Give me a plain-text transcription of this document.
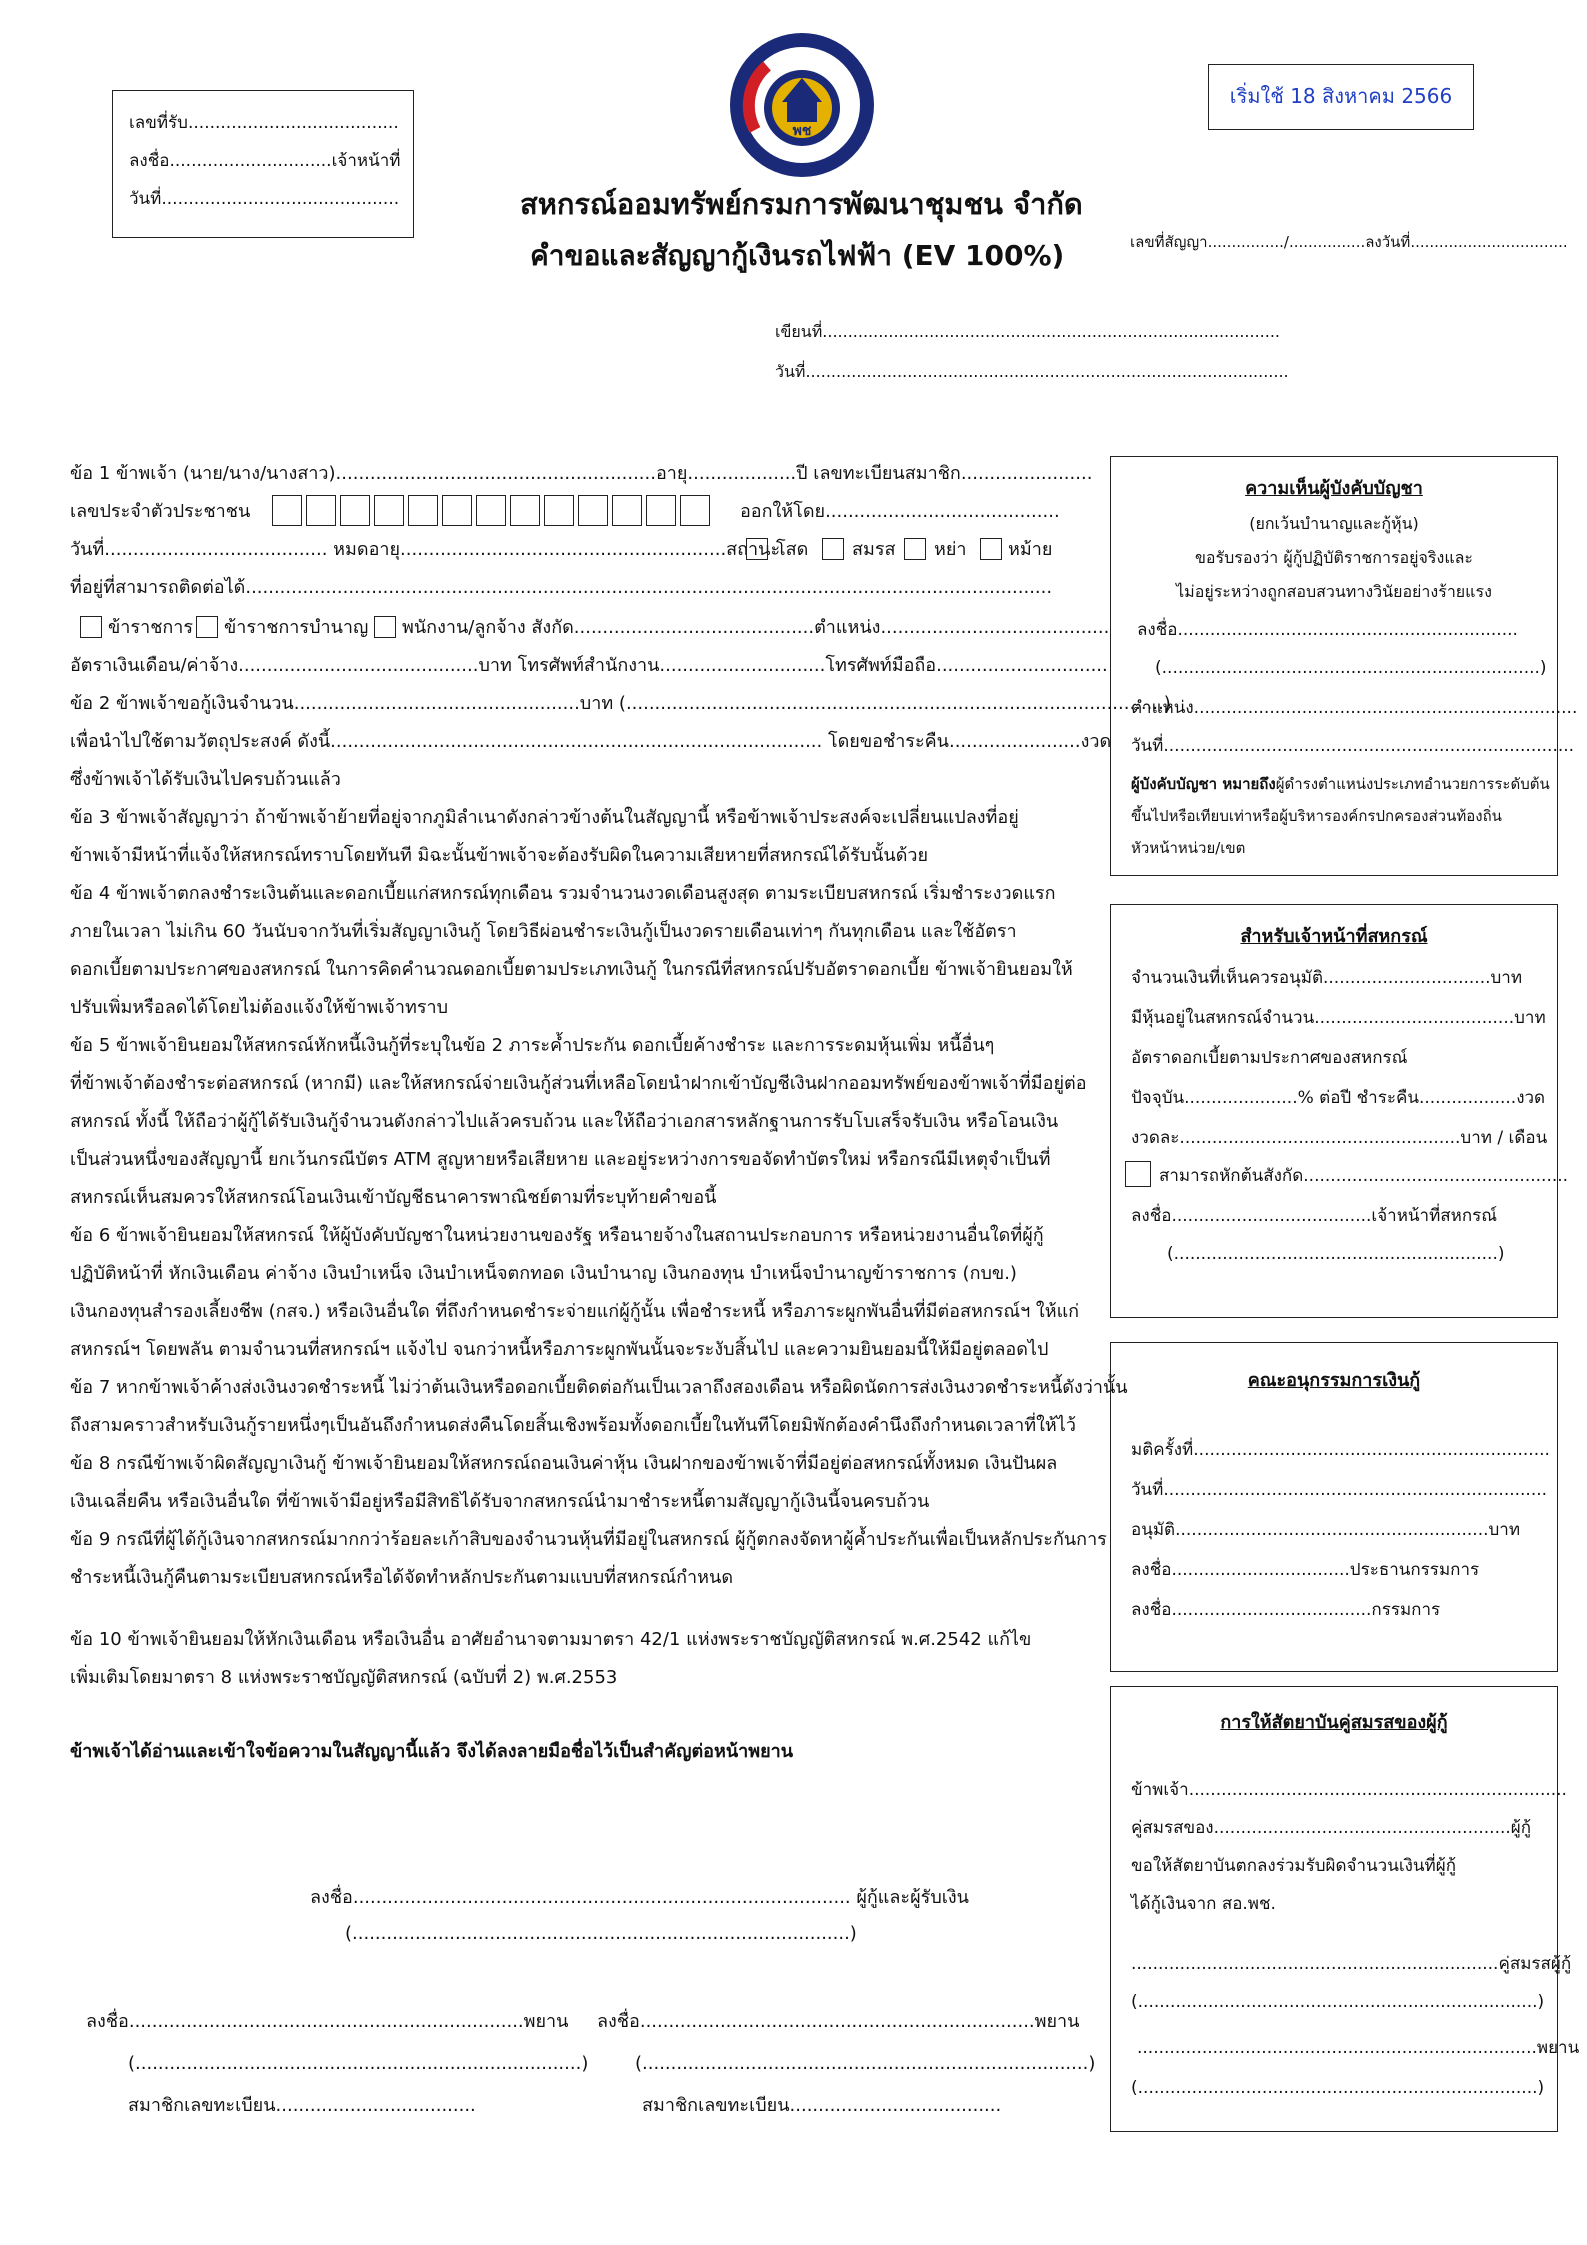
เลขที่รับ.......................................
ลงชื่อ..............................เจ้าหน้าที่
วันที่............................................
พช
เริ่มใช้ 18 สิงหาคม 2566
สหกรณ์ออมทรัพย์กรมการพัฒนาชุมชน จำกัด
คำขอและสัญญากู้เงินรถไฟฟ้า (EV 100%)	เลขที่สัญญา................/................ลงวันที่.................................
เขียนที่..........................................................................................
วันที่...............................................................................................
ข้อ 1 ข้าพเจ้า (นาย/นาง/นางสาว)........................................................อายุ...................ปี เลขทะเบียนสมาชิก.......................
เลขประจำตัวประชาชน	ออกให้โดย.........................................
วันที่....................................... หมดอายุ.........................................................สถานะ
โสด สมรส หย่า หม้าย
ที่อยู่ที่สามารถติดต่อได้.............................................................................................................................................
ข้าราชการ ข้าราชการบำนาญ พนักงาน/ลูกจ้าง สังกัด..........................................ตำแหน่ง........................................
อัตราเงินเดือน/ค่าจ้าง..........................................บาท โทรศัพท์สำนักงาน.............................โทรศัพท์มือถือ..............................
ข้อ 2 ข้าพเจ้าขอกู้เงินจำนวน..................................................บาท (..............................................................................................)
เพื่อนำไปใช้ตามวัตถุประสงค์ ดังนี้...................................................................................... โดยขอชำระคืน.......................งวด
ซึ่งข้าพเจ้าได้รับเงินไปครบถ้วนแล้ว
ข้อ 3 ข้าพเจ้าสัญญาว่า ถ้าข้าพเจ้าย้ายที่อยู่จากภูมิลำเนาดังกล่าวข้างต้นในสัญญานี้ หรือข้าพเจ้าประสงค์จะเปลี่ยนแปลงที่อยู่
ข้าพเจ้ามีหน้าที่แจ้งให้สหกรณ์ทราบโดยทันที มิฉะนั้นข้าพเจ้าจะต้องรับผิดในความเสียหายที่สหกรณ์ได้รับนั้นด้วย
ข้อ 4 ข้าพเจ้าตกลงชำระเงินต้นและดอกเบี้ยแก่สหกรณ์ทุกเดือน รวมจำนวนงวดเดือนสูงสุด ตามระเบียบสหกรณ์ เริ่มชำระงวดแรก
ภายในเวลา ไม่เกิน 60 วันนับจากวันที่เริ่มสัญญาเงินกู้ โดยวิธีผ่อนชำระเงินกู้เป็นงวดรายเดือนเท่าๆ กันทุกเดือน และใช้อัตรา
ดอกเบี้ยตามประกาศของสหกรณ์ ในการคิดคำนวณดอกเบี้ยตามประเภทเงินกู้ ในกรณีที่สหกรณ์ปรับอัตราดอกเบี้ย ข้าพเจ้ายินยอมให้
ปรับเพิ่มหรือลดได้โดยไม่ต้องแจ้งให้ข้าพเจ้าทราบ
ข้อ 5 ข้าพเจ้ายินยอมให้สหกรณ์หักหนี้เงินกู้ที่ระบุในข้อ 2 ภาระค้ำประกัน ดอกเบี้ยค้างชำระ และการระดมหุ้นเพิ่ม หนี้อื่นๆ
ที่ข้าพเจ้าต้องชำระต่อสหกรณ์ (หากมี) และให้สหกรณ์จ่ายเงินกู้ส่วนที่เหลือโดยนำฝากเข้าบัญชีเงินฝากออมทรัพย์ของข้าพเจ้าที่มีอยู่ต่อ
สหกรณ์ ทั้งนี้ ให้ถือว่าผู้กู้ได้รับเงินกู้จำนวนดังกล่าวไปแล้วครบถ้วน และให้ถือว่าเอกสารหลักฐานการรับโบเสร็จรับเงิน หรือโอนเงิน
เป็นส่วนหนึ่งของสัญญานี้ ยกเว้นกรณีบัตร ATM สูญหายหรือเสียหาย และอยู่ระหว่างการขอจัดทำบัตรใหม่ หรือกรณีมีเหตุจำเป็นที่
สหกรณ์เห็นสมควรให้สหกรณ์โอนเงินเข้าบัญชีธนาคารพาณิชย์ตามที่ระบุท้ายคำขอนี้
ข้อ 6 ข้าพเจ้ายินยอมให้สหกรณ์ ให้ผู้บังคับบัญชาในหน่วยงานของรัฐ หรือนายจ้างในสถานประกอบการ หรือหน่วยงานอื่นใดที่ผู้กู้
ปฏิบัติหน้าที่ หักเงินเดือน ค่าจ้าง เงินบำเหน็จ เงินบำเหน็จตกทอด เงินบำนาญ เงินกองทุน บำเหน็จบำนาญข้าราชการ (กบข.)
เงินกองทุนสำรองเลี้ยงชีพ (กสจ.) หรือเงินอื่นใด ที่ถึงกำหนดชำระจ่ายแก่ผู้กู้นั้น เพื่อชำระหนี้ หรือภาระผูกพันอื่นที่มีต่อสหกรณ์ฯ ให้แก่
สหกรณ์ฯ โดยพลัน ตามจำนวนที่สหกรณ์ฯ แจ้งไป จนกว่าหนี้หรือภาระผูกพันนั้นจะระงับสิ้นไป และความยินยอมนี้ให้มีอยู่ตลอดไป
ข้อ 7 หากข้าพเจ้าค้างส่งเงินงวดชำระหนี้ ไม่ว่าต้นเงินหรือดอกเบี้ยติดต่อกันเป็นเวลาถึงสองเดือน หรือผิดนัดการส่งเงินงวดชำระหนี้ดังว่านั้น
ถึงสามคราวสำหรับเงินกู้รายหนึ่งๆเป็นอันถึงกำหนดส่งคืนโดยสิ้นเชิงพร้อมทั้งดอกเบี้ยในทันทีโดยมิพักต้องคำนึงถึงกำหนดเวลาที่ให้ไว้
ข้อ 8 กรณีข้าพเจ้าผิดสัญญาเงินกู้ ข้าพเจ้ายินยอมให้สหกรณ์ถอนเงินค่าหุ้น เงินฝากของข้าพเจ้าที่มีอยู่ต่อสหกรณ์ทั้งหมด เงินปันผล
เงินเฉลี่ยคืน หรือเงินอื่นใด ที่ข้าพเจ้ามีอยู่หรือมีสิทธิได้รับจากสหกรณ์นำมาชำระหนี้ตามสัญญากู้เงินนี้จนครบถ้วน
ข้อ 9 กรณีที่ผู้ได้กู้เงินจากสหกรณ์มากกว่าร้อยละเก้าสิบของจำนวนหุ้นที่มีอยู่ในสหกรณ์ ผู้กู้ตกลงจัดหาผู้ค้ำประกันเพื่อเป็นหลักประกันการ
ชำระหนี้เงินกู้คืนตามระเบียบสหกรณ์หรือได้จัดทำหลักประกันตามแบบที่สหกรณ์กำหนด
ข้อ 10 ข้าพเจ้ายินยอมให้หักเงินเดือน หรือเงินอื่น อาศัยอำนาจตามมาตรา 42/1 แห่งพระราชบัญญัติสหกรณ์ พ.ศ.2542 แก้ไข
เพิ่มเติมโดยมาตรา 8 แห่งพระราชบัญญัติสหกรณ์ (ฉบับที่ 2) พ.ศ.2553
ข้าพเจ้าได้อ่านและเข้าใจข้อความในสัญญานี้แล้ว จึงได้ลงลายมือชื่อไว้เป็นสำคัญต่อหน้าพยาน
ลงชื่อ....................................................................................... ผู้กู้และผู้รับเงิน
(.......................................................................................)
ลงชื่อ.....................................................................พยาน
(..............................................................................)
สมาชิกเลขทะเบียน...................................
ลงชื่อ.....................................................................พยาน
(..............................................................................)
สมาชิกเลขทะเบียน.....................................
ความเห็นผู้บังคับบัญชา
(ยกเว้นบำนาญและกู้หุ้น)
ขอรับรองว่า ผู้กู้ปฏิบัติราชการอยู่จริงและ
ไม่อยู่ระหว่างถูกสอบสวนทางวินัยอย่างร้ายแรง
ลงชื่อ...............................................................
(......................................................................)
ตำแหน่ง.......................................................................
วันที่............................................................................
ผู้บังคับบัญชา หมายถึงผู้ดำรงตำแหน่งประเภทอำนวยการระดับต้น
ขึ้นไปหรือเทียบเท่าหรือผู้บริหารองค์กรปกครองส่วนท้องถิ่น
หัวหน้าหน่วย/เขต
สำหรับเจ้าหน้าที่สหกรณ์
จำนวนเงินที่เห็นควรอนุมัติ...............................บาท
มีหุ้นอยู่ในสหกรณ์จำนวน.....................................บาท
อัตราดอกเบี้ยตามประกาศของสหกรณ์
ปัจจุบัน.....................% ต่อปี ชำระคืน..................งวด
งวดละ....................................................บาท / เดือน
สามารถหักต้นสังกัด.................................................
ลงชื่อ.....................................เจ้าหน้าที่สหกรณ์
(............................................................)
คณะอนุกรรมการเงินกู้
มติครั้งที่..................................................................
วันที่.......................................................................
อนุมัติ..........................................................บาท
ลงชื่อ.................................ประธานกรรมการ
ลงชื่อ.....................................กรรมการ
การให้สัตยาบันคู่สมรสของผู้กู้
ข้าพเจ้า......................................................................
คู่สมรสของ.......................................................ผู้กู้
ขอให้สัตยาบันตกลงร่วมรับผิดจำนวนเงินที่ผู้กู้
ได้กู้เงินจาก สอ.พช.
....................................................................คู่สมรสผู้กู้
(..........................................................................)
..........................................................................พยาน
(..........................................................................)
